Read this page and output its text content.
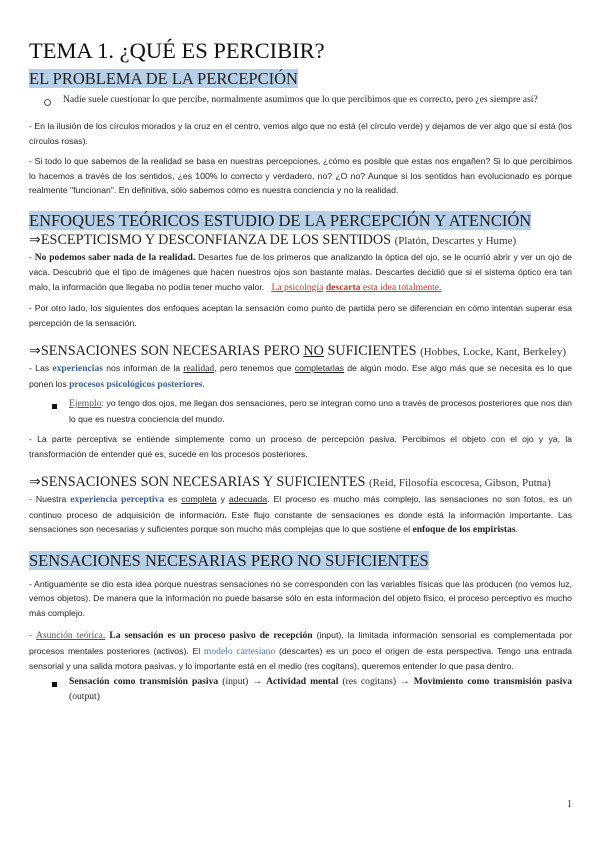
TEMA 1. ¿QUÉ ES PERCIBIR?
EL PROBLEMA DE LA PERCEPCIÓN
Nadie suele cuestionar lo que percibe, normalmente asumimos que lo que percibimos que es correcto, pero ¿es siempre así?

- En la ilusión de los círculos morados y la cruz en el centro, vemos algo que no está (el círculo verde) y dejamos de ver algo que sí está (los círculos rosas).

- Si todo lo que sabemos de la realidad se basa en nuestras percepciones, ¿cómo es posible que estas nos engañen? Si lo que percibimos lo hacemos a través de los sentidos, ¿es 100% lo correcto y verdadero, no? ¿O no? Aunque si los sentidos han evolucionado es porque realmente "funcionan". En definitiva, sólo sabemos cómo es nuestra conciencia y no la realidad.

ENFOQUES TEÓRICOS ESTUDIO DE LA PERCEPCIÓN Y ATENCIÓN
⇒ESCEPTICISMO Y DESCONFIANZA DE LOS SENTIDOS (Platón, Descartes y Hume)

- No podemos saber nada de la realidad. Desartes fue de los primeros que analizando la óptica del ojo, se le ocurrió abrir y ver un ojo de vaca. Descubrió que el tipo de imágenes que hacen nuestros ojos son bastante malas. Descartes decidió que si el sistema óptico era tan malo, la información que llegaba no podía tener mucho valor. La psicología descarta esta idea totalmente.

- Por otro lado, los siguientes dos enfoques aceptan la sensación como punto de partida pero se diferencian en cómo intentan superar esa percepción de la sensación.

⇒SENSACIONES SON NECESARIAS PERO NO SUFICIENTES (Hobbes, Locke, Kant, Berkeley)

- Las experiencias nos informan de la realidad, pero tenemos que completarlas de algún modo. Ese algo más que se necesita es lo que ponen los procesos psicológicos posteriores.

Ejemplo: yo tengo dos ojos, me llegan dos sensaciones, pero se integran como uno a través de procesos posteriores que nos dan lo que es nuestra conciencia del mundo.

- La parte perceptiva se entiende simplemente como un proceso de percepción pasiva. Percibimos el objeto con el ojo y ya, la transformación de entender qué es, sucede en los procesos posteriores.

⇒SENSACIONES SON NECESARIAS Y SUFICIENTES (Reid, Filosofía escocesa, Gibson, Putna)

- Nuestra experiencia perceptiva es completa y adecuada. El proceso es mucho más complejo, las sensaciones no son fotos, es un continuo proceso de adquisición de información. Este flujo constante de sensaciones es donde está la información importante. Las sensaciones son necesarias y suficientes porque son mucho más complejas que lo que sostiene el enfoque de los empiristas.

SENSACIONES NECESARIAS PERO NO SUFICIENTES

- Antiguamente se dio esta idea porque nuestras sensaciones no se corresponden con las variables físicas que las producen (no vemos luz, vemos objetos). De manera que la información no puede basarse sólo en esta información del objeto físico, el proceso perceptivo es mucho más complejo.

- Asunción teórica. La sensación es un proceso pasivo de recepción (input), la limitada información sensorial es complementada por procesos mentales posteriores (activos). El modelo cartesiano (descartes) es un poco el origen de esta perspectiva. Tengo una entrada sensorial y una salida motora pasivas, y lo importante está en el medio (res cogitans), queremos entender lo que pasa dentro.

Sensación como transmisión pasiva (input) → Actividad mental (res cogitans) → Movimiento como transmisión pasiva (output)

1
